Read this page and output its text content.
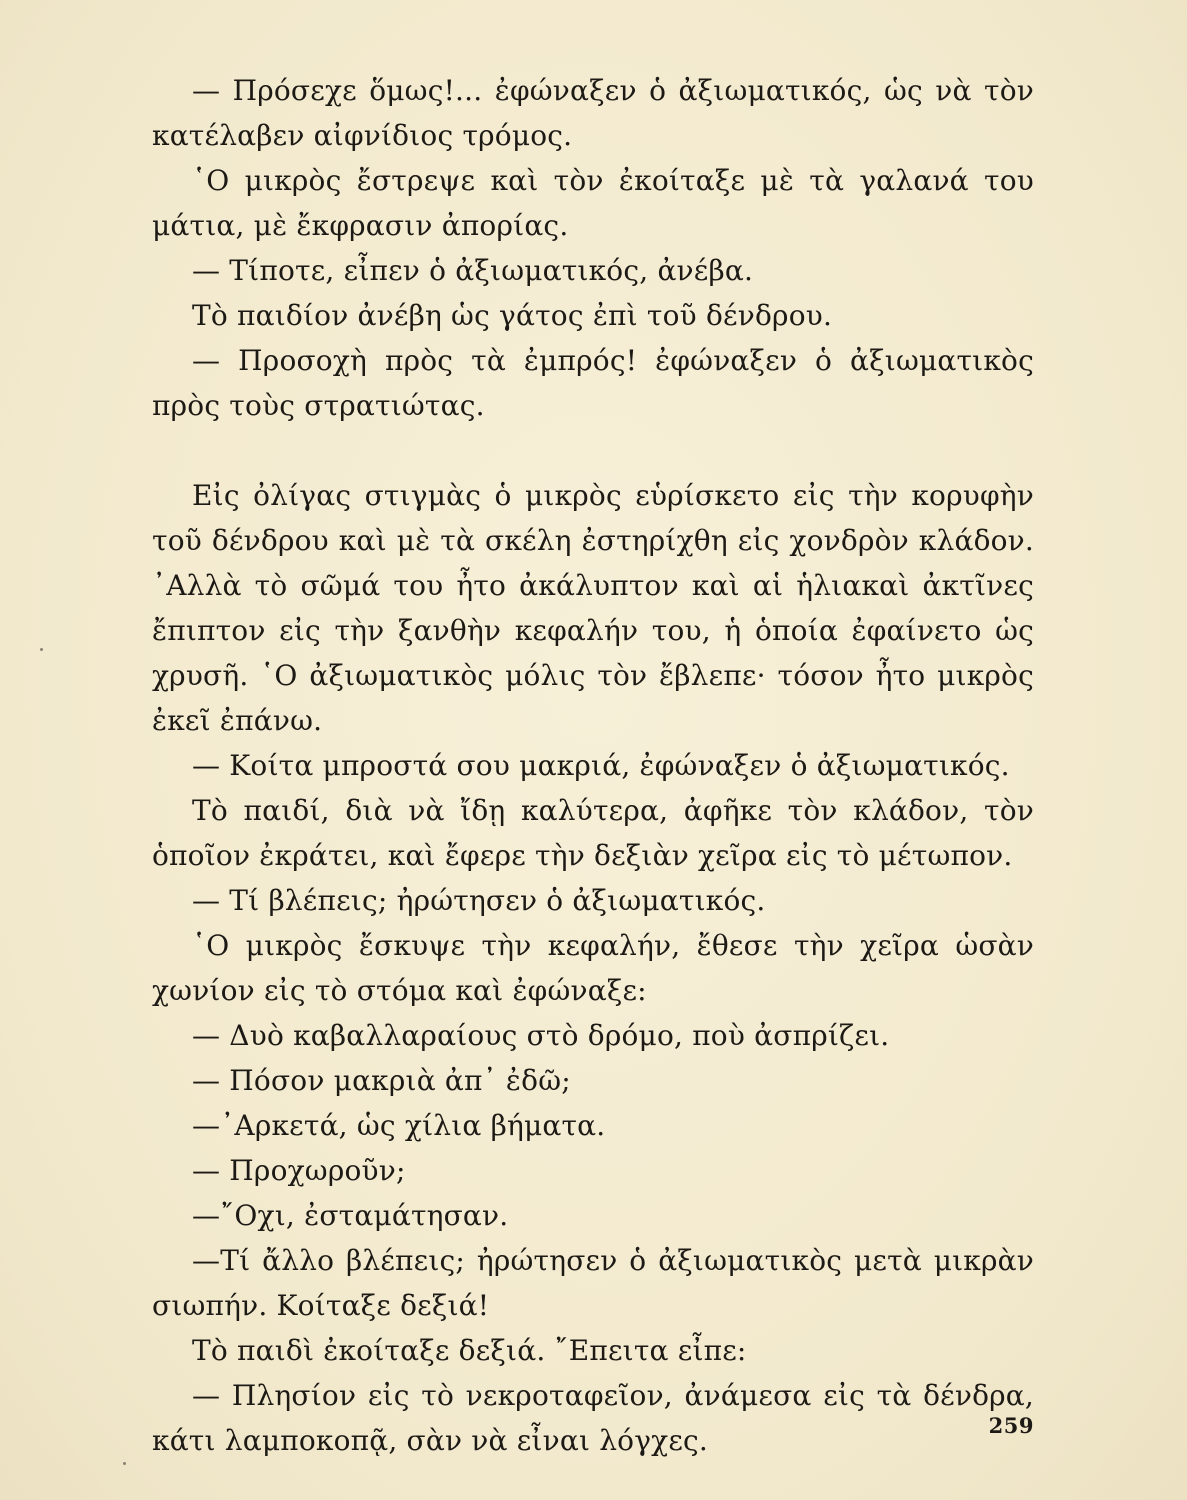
— Πρόσεχε ὅμως!... ἐφώναξεν ὁ ἀξιωματικός, ὡς νὰ τὸν κατέλαβεν αἰφνίδιος τρόμος.

῾Ο μικρὸς ἔστρεψε καὶ τὸν ἐκοίταξε μὲ τὰ γαλανά του μάτια, μὲ ἔκφρασιν ἀπορίας.

— Τίποτε, εἶπεν ὁ ἀξιωματικός, ἀνέβα.

Τὸ παιδίον ἀνέβη ὡς γάτος ἐπὶ τοῦ δένδρου.

— Προσοχὴ πρὸς τὰ ἐμπρός! ἐφώναξεν ὁ ἀξιωματικὸς πρὸς τοὺς στρατιώτας.

Εἰς ὀλίγας στιγμὰς ὁ μικρὸς εὑρίσκετο εἰς τὴν κορυφὴν τοῦ δένδρου καὶ μὲ τὰ σκέλη ἐστηρίχθη εἰς χονδρὸν κλάδον. ᾿Αλλὰ τὸ σῶμά του ἦτο ἀκάλυπτον καὶ αἱ ἡλιακαὶ ἀκτῖνες ἔπιπτον εἰς τὴν ξανθὴν κεφαλήν του, ἡ ὁποία ἐφαίνετο ὡς χρυσῆ. ῾Ο ἀξιωματικὸς μόλις τὸν ἔβλεπε· τόσον ἦτο μικρὸς ἐκεῖ ἐπάνω.

— Κοίτα μπροστά σου μακριά, ἐφώναξεν ὁ ἀξιωματικός.

Τὸ παιδί, διὰ νὰ ἴδῃ καλύτερα, ἀφῆκε τὸν κλάδον, τὸν ὁποῖον ἐκράτει, καὶ ἔφερε τὴν δεξιὰν χεῖρα εἰς τὸ μέτωπον.

— Τί βλέπεις; ἠρώτησεν ὁ ἀξιωματικός.

῾Ο μικρὸς ἔσκυψε τὴν κεφαλήν, ἔθεσε τὴν χεῖρα ὡσὰν χωνίον εἰς τὸ στόμα καὶ ἐφώναξε:

— Δυὸ καβαλλαραίους στὸ δρόμο, ποὺ ἀσπρίζει.

— Πόσον μακριὰ ἀπ᾿ ἐδῶ;

—᾿Αρκετά, ὡς χίλια βήματα.

— Προχωροῦν;

—῎Οχι, ἐσταμάτησαν.

—Τί ἄλλο βλέπεις; ἠρώτησεν ὁ ἀξιωματικὸς μετὰ μικρὰν σιωπήν. Κοίταξε δεξιά!

Τὸ παιδὶ ἐκοίταξε δεξιά. ῎Επειτα εἶπε:

— Πλησίον εἰς τὸ νεκροταφεῖον, ἀνάμεσα εἰς τὰ δένδρα, κάτι λαμποκοπᾷ, σὰν νὰ εἶναι λόγχες.	259
